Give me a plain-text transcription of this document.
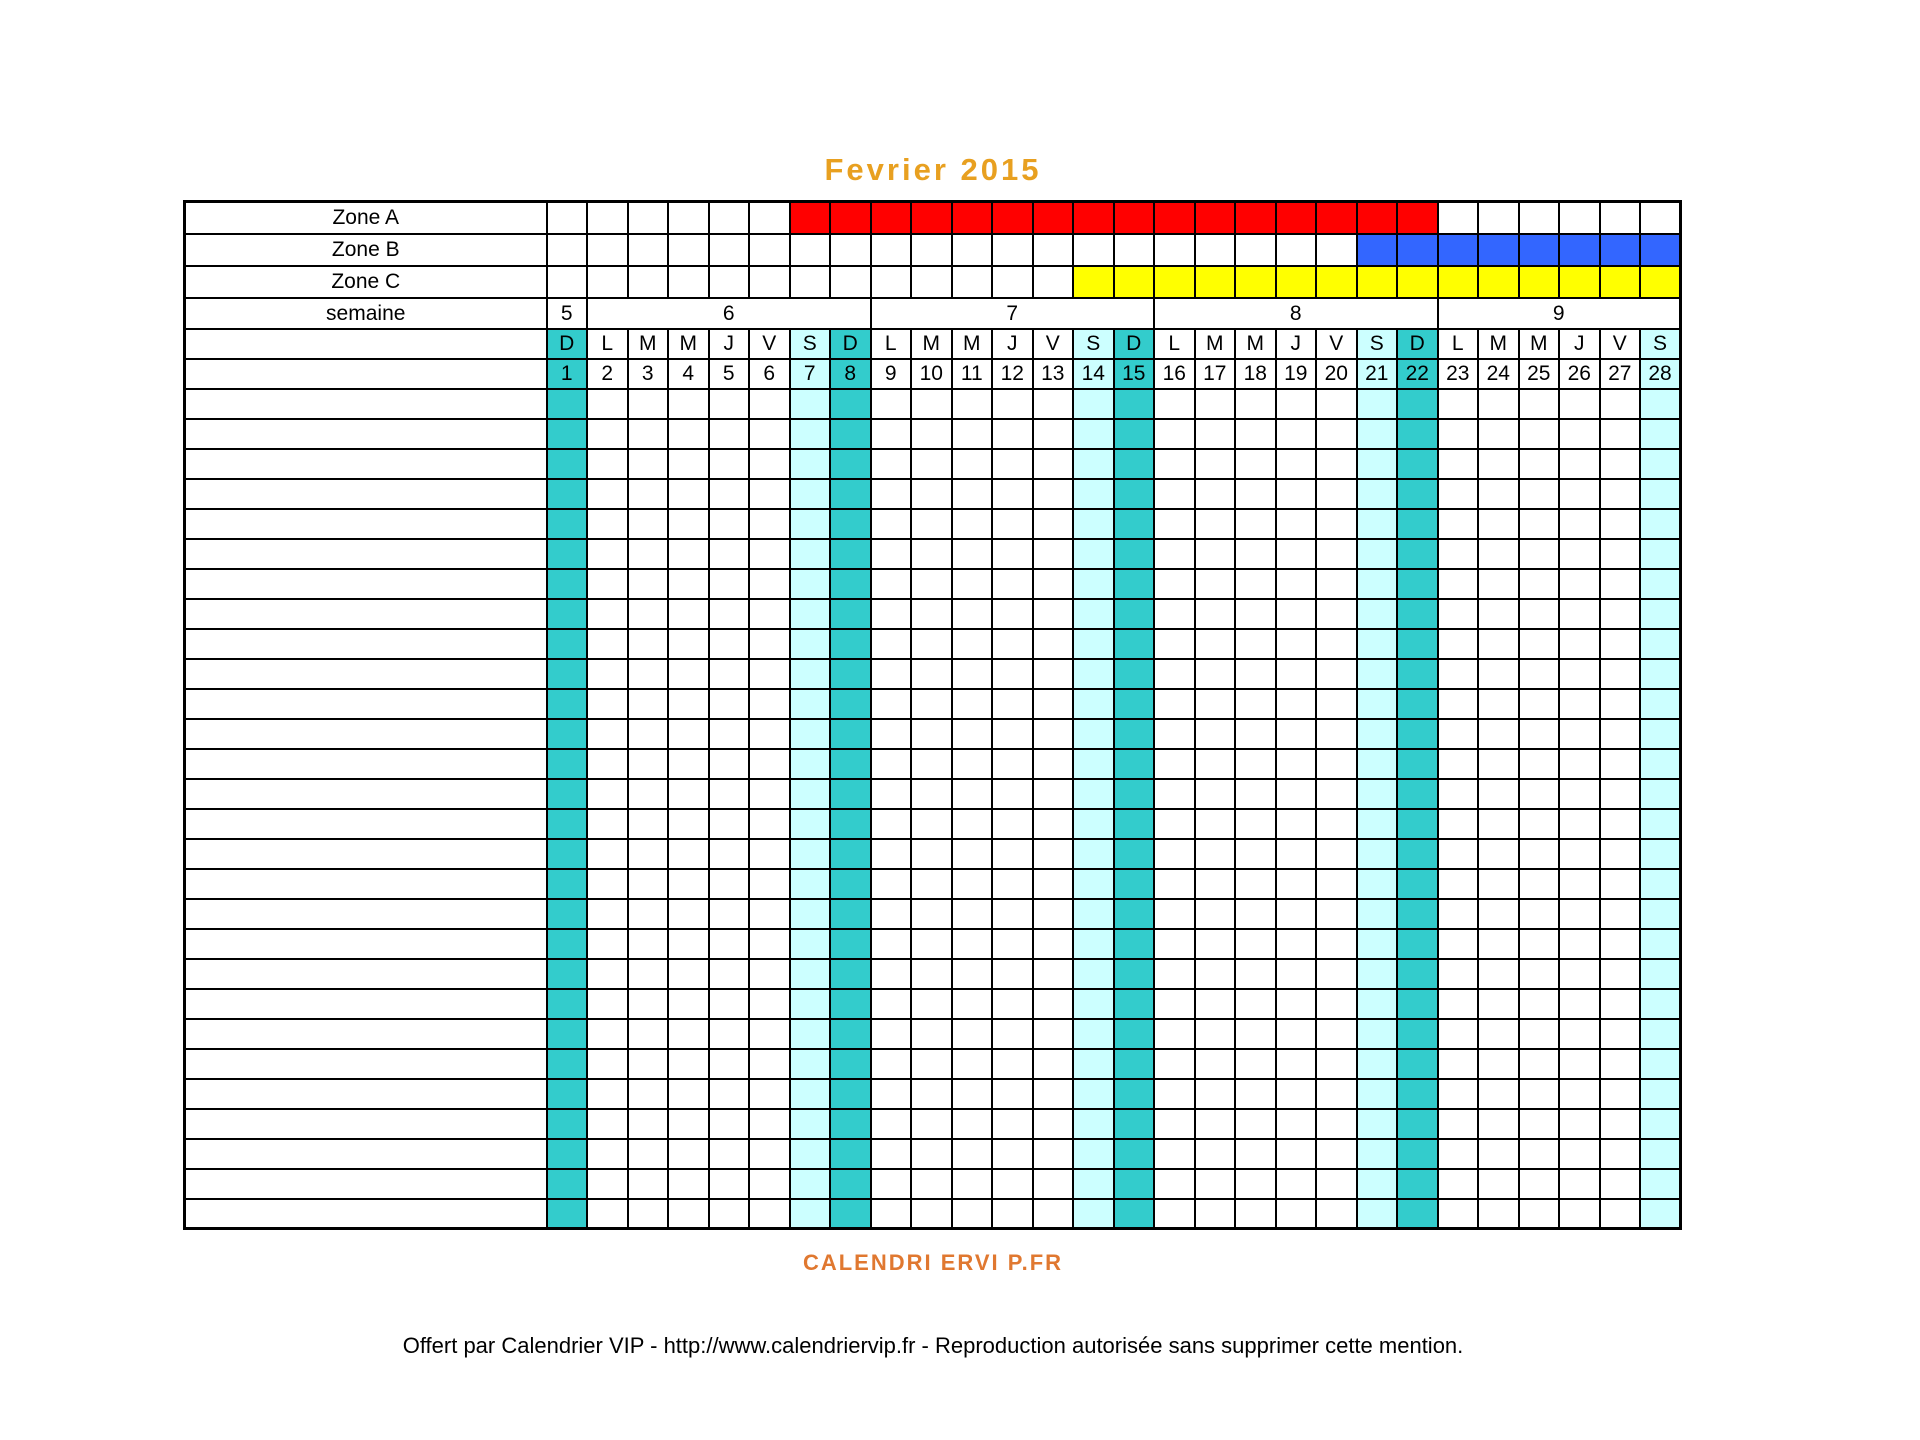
Fevrier 2015
Zone A																												
Zone B																												
Zone C																												
semaine	5	6							7							8							9					
	D	L	M	M	J	V	S	D	L	M	M	J	V	S	D	L	M	M	J	V	S	D	L	M	M	J	V	S
	1	2	3	4	5	6	7	8	9	10	11	12	13	14	15	16	17	18	19	20	21	22	23	24	25	26	27	28

CALENDRI ERVI P.FR
Offert par Calendrier VIP - http://www.calendriervip.fr - Reproduction autorisée sans supprimer cette mention.
